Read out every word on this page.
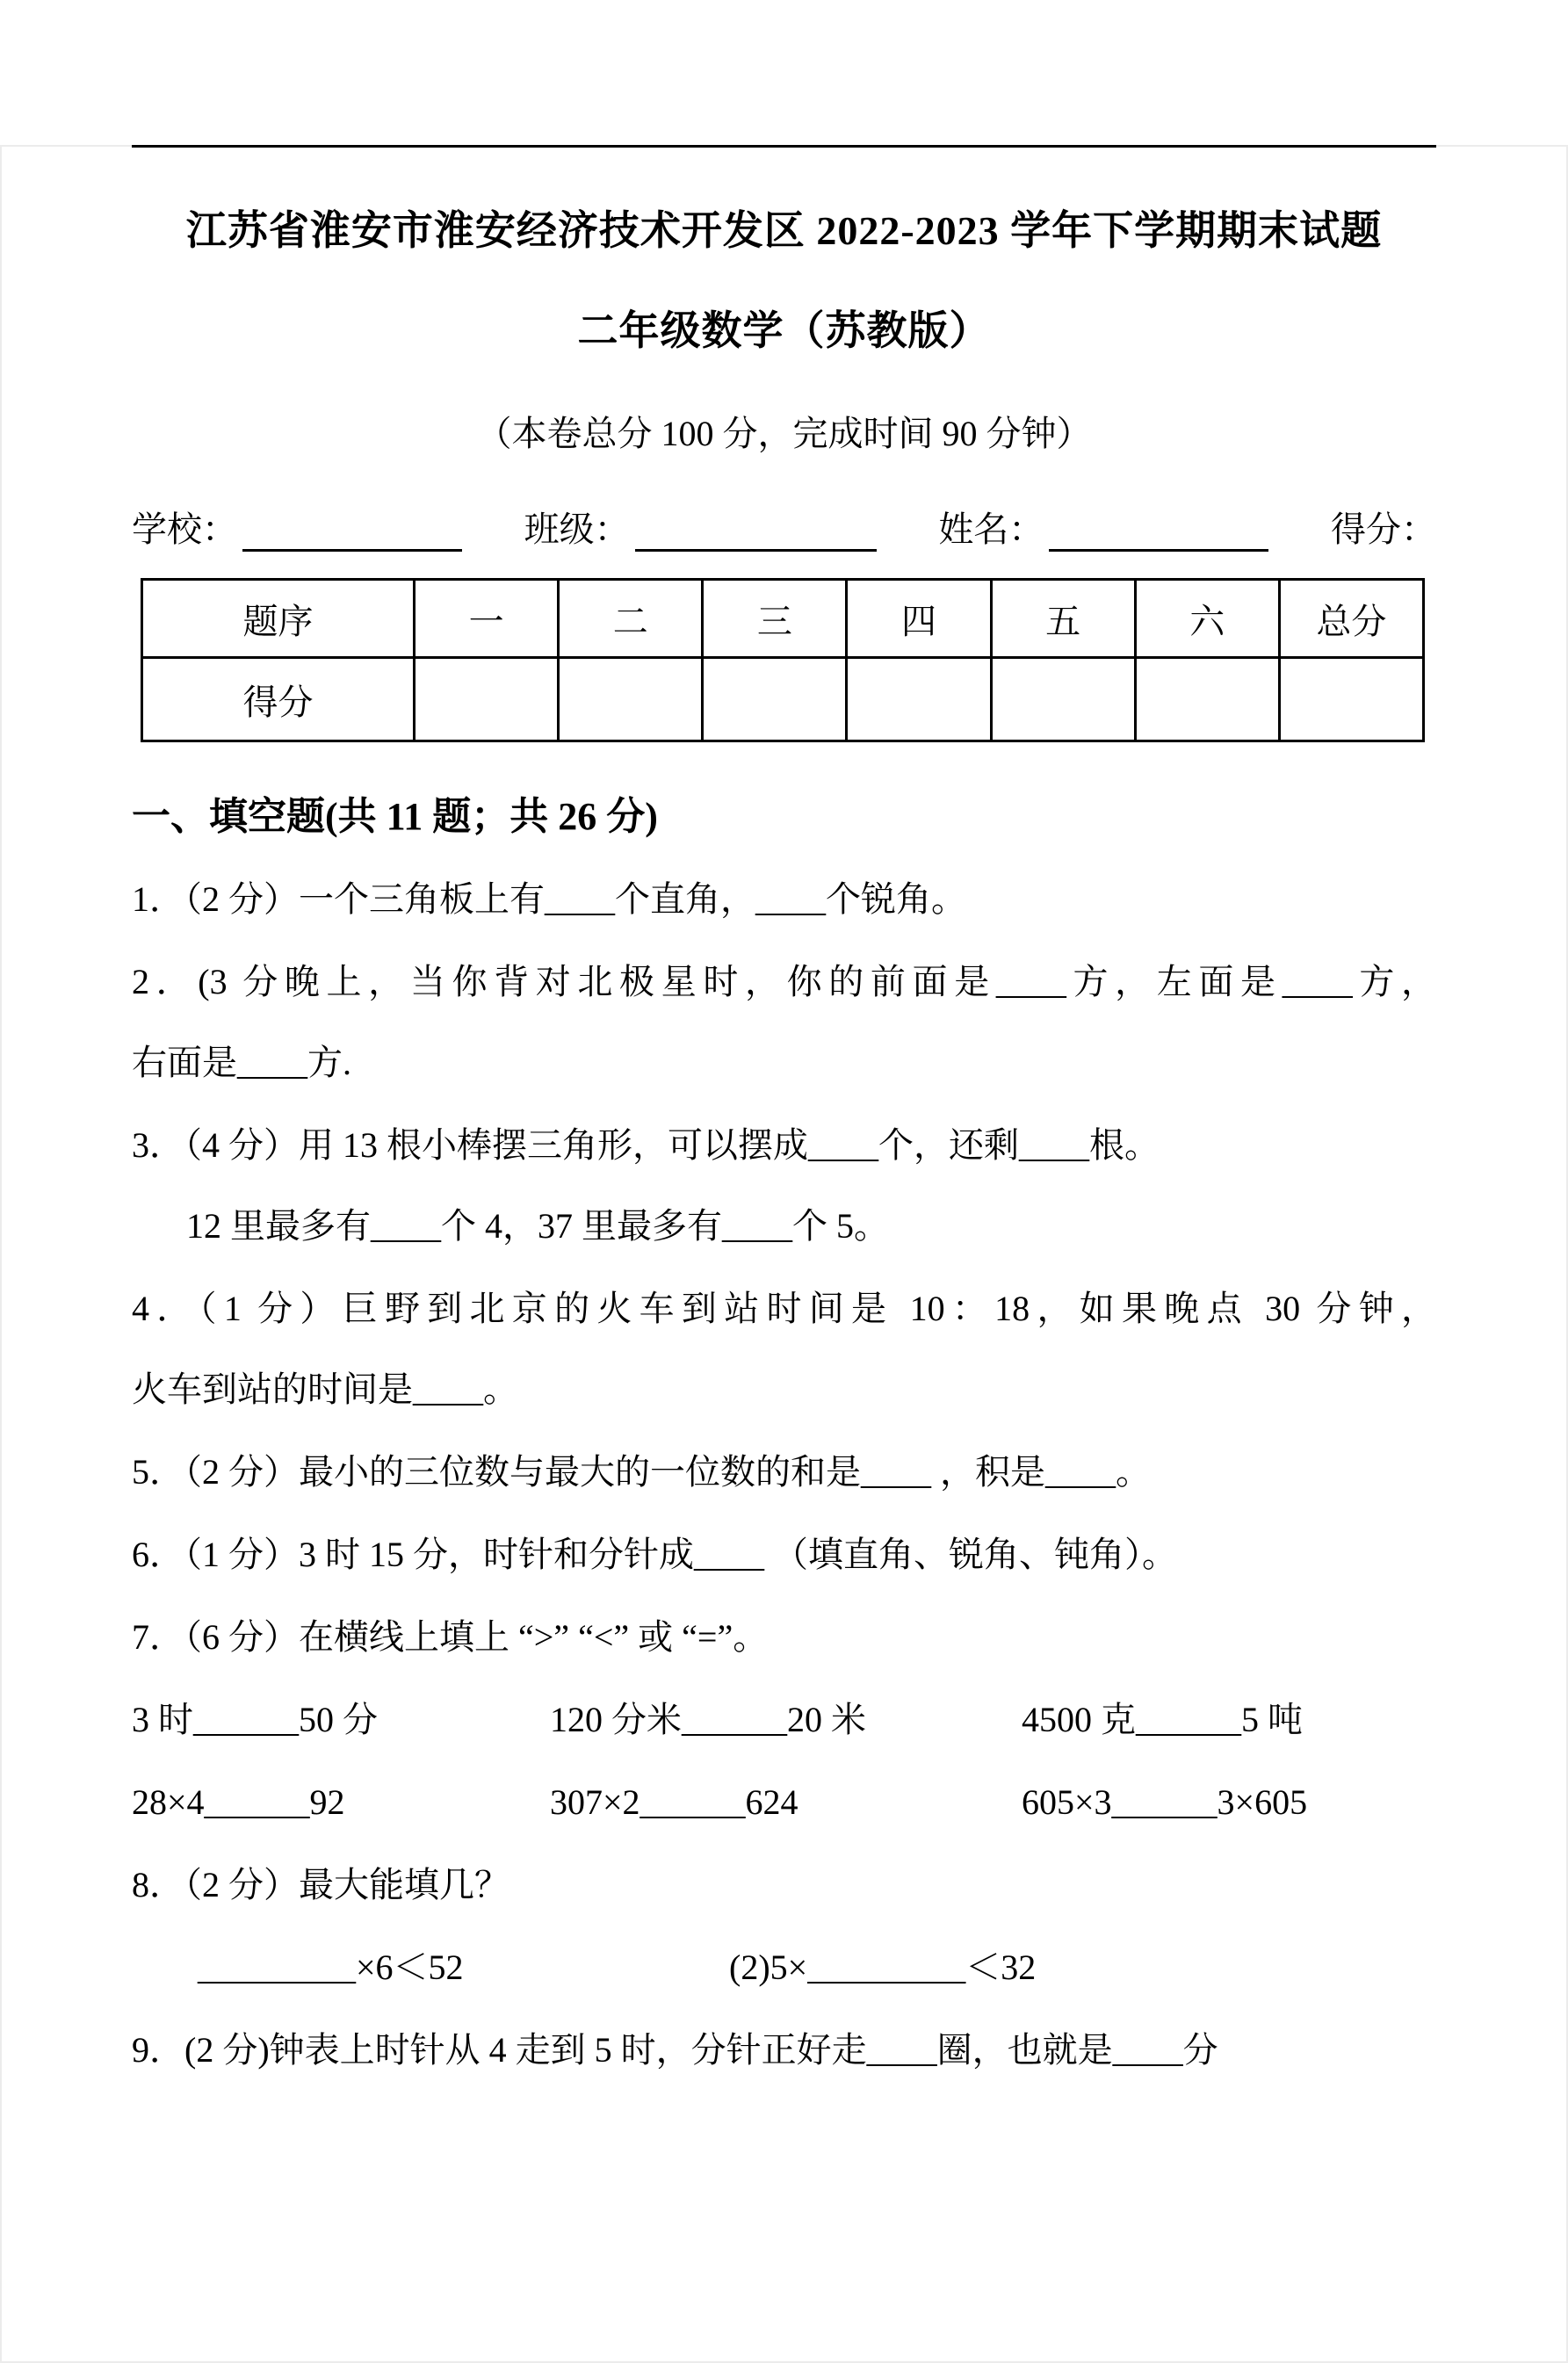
江苏省淮安市淮安经济技术开发区 2022-2023 学年下学期期末试题
二年级数学（苏教版）
（本卷总分 100 分，完成时间 90 分钟）
学校：	班级：	姓名：	得分：
题序	一	二	三	四	五	六	总分
得分							
一、填空题(共 11 题；共 26 分)
1．（2 分）一个三角板上有____个直角，____个锐角。
2．(3 分晚上，当你背对北极星时，你的前面是____方，左面是____方，
右面是____方.
3．（4 分）用 13 根小棒摆三角形，可以摆成____个，还剩____根。
12 里最多有____个 4，37 里最多有____个 5。
4．（1 分）巨野到北京的火车到站时间是 10：18，如果晚点 30 分钟，
火车到站的时间是____。
5．（2 分）最小的三位数与最大的一位数的和是____ ，积是____。
6．（1 分）3 时 15 分，时针和分针成____ （填直角、锐角、钝角）。
7．（6 分）在横线上填上 “>” “<” 或 “=”。
3 时______50 分	120 分米______20 米	4500 克______5 吨
28×4______92	307×2______624	605×3______3×605
8．（2 分）最大能填几？
_________×6＜52	(2)5×_________＜32
9．(2 分)钟表上时针从 4 走到 5 时，分针正好走____圈，也就是____分
